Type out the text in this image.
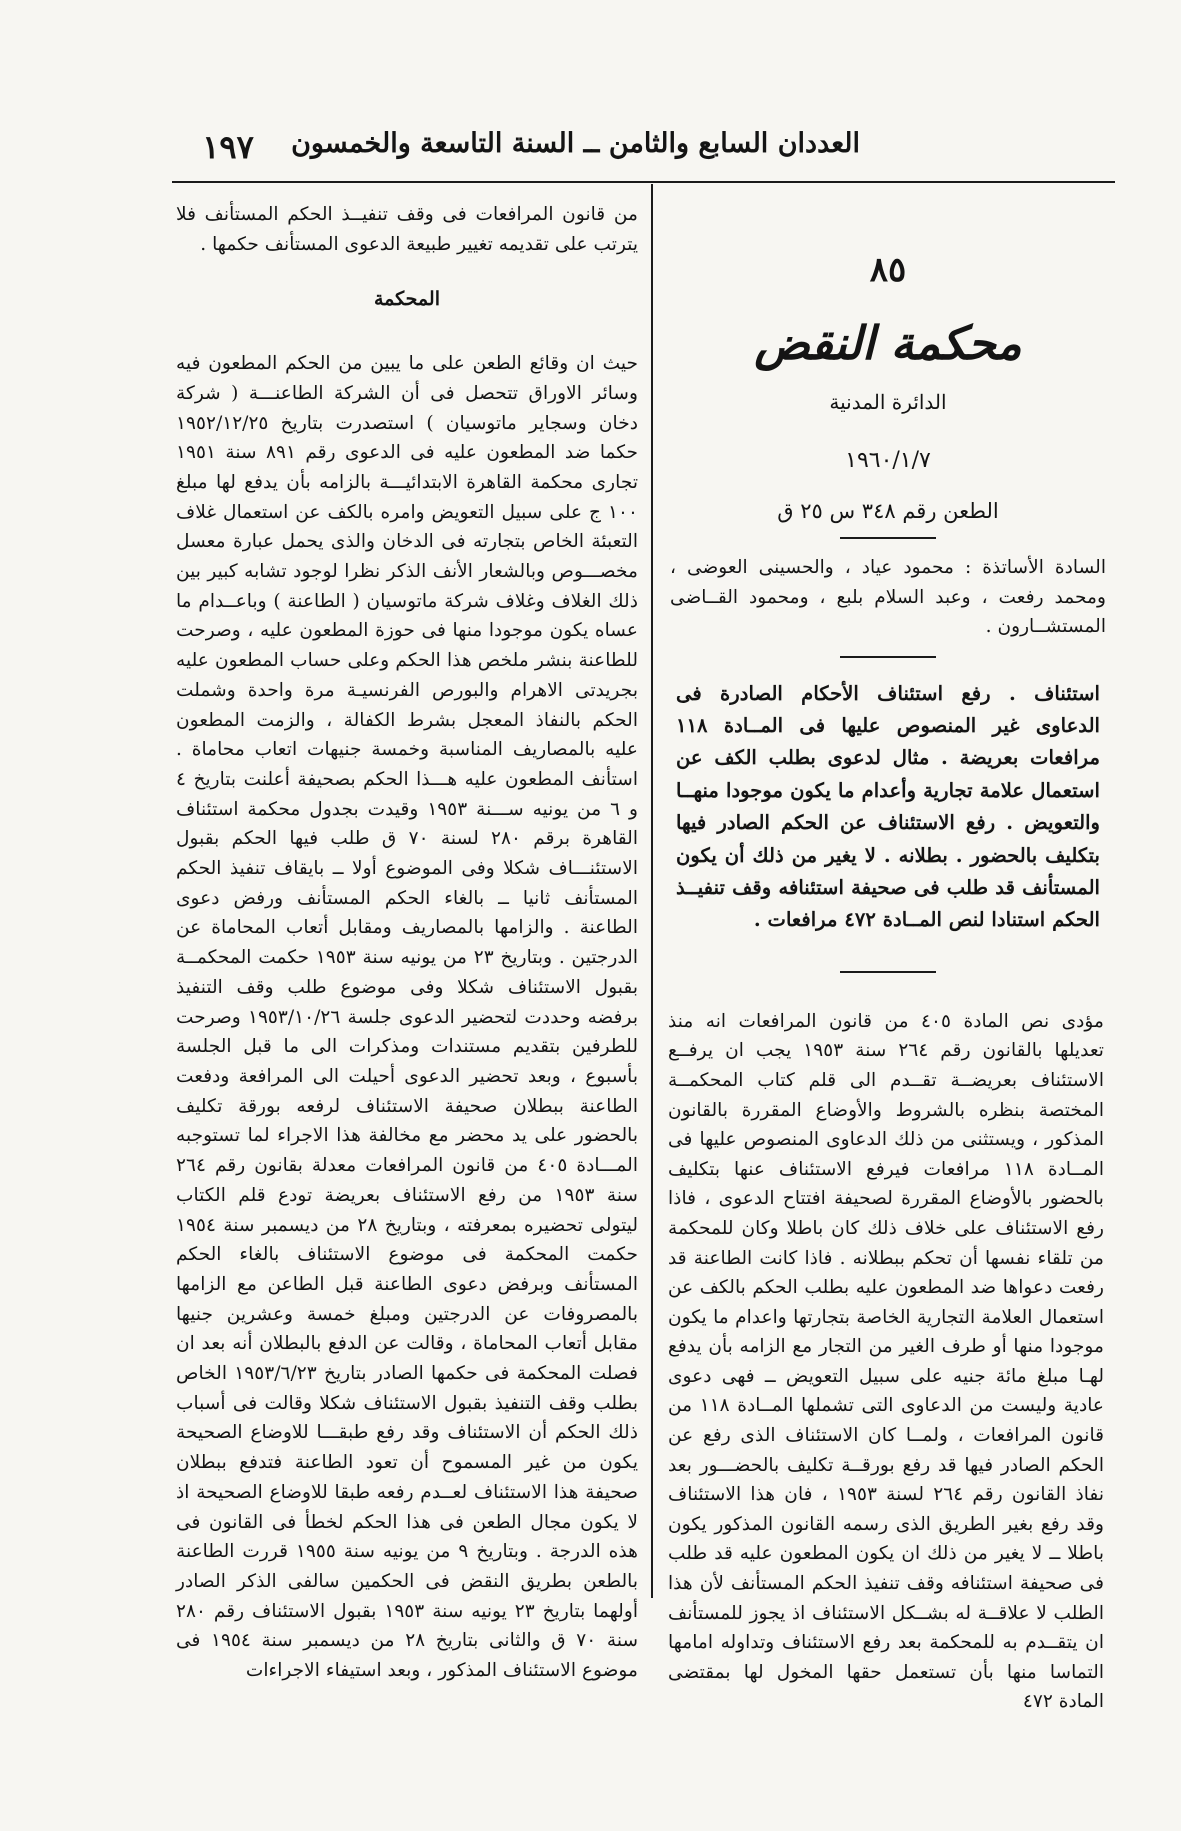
العددان السابع والثامن ــ السنة التاسعة والخمسون
١٩٧

من قانون المرافعات فى وقف تنفيــذ الحكم المستأنف فلا يترتب على تقديمه تغيير طبيعة الدعوى المستأنف حكمها .

المحكمة

حيث ان وقائع الطعن على ما يبين من الحكم المطعون فيه وسائر الاوراق تتحصل فى أن الشركة الطاعنـــة ( شركة دخان وسجاير ماتوسيان ) استصدرت بتاريخ ١٩٥٢/١٢/٢٥ حكما ضد المطعون عليه فى الدعوى رقم ٨٩١ سنة ١٩٥١ تجارى محكمة القاهرة الابتدائيـــة بالزامه بأن يدفع لها مبلغ ١٠٠ ج على سبيل التعويض وامره بالكف عن استعمال غلاف التعبئة الخاص بتجارته فى الدخان والذى يحمل عبارة معسل مخصـــوص وبالشعار الأنف الذكر نظرا لوجود تشابه كبير بين ذلك الغلاف وغلاف شركة ماتوسيان ( الطاعنة ) وباعــدام ما عساه يكون موجودا منها فى حوزة المطعون عليه ، وصرحت للطاعنة بنشر ملخص هذا الحكم وعلى حساب المطعون عليه بجريدتى الاهرام والبورص الفرنسيـة مرة واحدة وشملت الحكم بالنفاذ المعجل بشرط الكفالة ، والزمت المطعون عليه بالمصاريف المناسبة وخمسة جنيهات اتعاب محاماة . استأنف المطعون عليه هـــذا الحكم بصحيفة أعلنت بتاريخ ٤ و ٦ من يونيه ســـنة ١٩٥٣ وقيدت بجدول محكمة استئناف القاهرة برقم ٢٨٠ لسنة ٧٠ ق طلب فيها الحكم بقبول الاستئنـــاف شكلا وفى الموضوع أولا ــ بايقاف تنفيذ الحكم المستأنف ثانيا ــ بالغاء الحكم المستأنف ورفض دعوى الطاعنة . والزامها بالمصاريف ومقابل أتعاب المحاماة عن الدرجتين . وبتاريخ ٢٣ من يونيه سنة ١٩٥٣ حكمت المحكمــة بقبول الاستئناف شكلا وفى موضوع طلب وقف التنفيذ برفضه وحددت لتحضير الدعوى جلسة ١٩٥٣/١٠/٢٦ وصرحت للطرفين بتقديم مستندات ومذكرات الى ما قبل الجلسة بأسبوع ، وبعد تحضير الدعوى أحيلت الى المرافعة ودفعت الطاعنة ببطلان صحيفة الاستئناف لرفعه بورقة تكليف بالحضور على يد محضر مع مخالفة هذا الاجراء لما تستوجبه المـــادة ٤٠٥ من قانون المرافعات معدلة بقانون رقم ٢٦٤ سنة ١٩٥٣ من رفع الاستئناف بعريضة تودع قلم الكتاب ليتولى تحضيره بمعرفته ، وبتاريخ ٢٨ من ديسمبر سنة ١٩٥٤ حكمت المحكمة فى موضوع الاستئناف بالغاء الحكم المستأنف وبرفض دعوى الطاعنة قبل الطاعن مع الزامها بالمصروفات عن الدرجتين ومبلغ خمسة وعشرين جنيها مقابل أتعاب المحاماة ، وقالت عن الدفع بالبطلان أنه بعد ان فصلت المحكمة فى حكمها الصادر بتاريخ ١٩٥٣/٦/٢٣ الخاص بطلب وقف التنفيذ بقبول الاستئناف شكلا وقالت فى أسباب ذلك الحكم أن الاستئناف وقد رفع طبقـــا للاوضاع الصحيحة يكون من غير المسموح أن تعود الطاعنة فتدفع ببطلان صحيفة هذا الاستئناف لعــدم رفعه طبقا للاوضاع الصحيحة اذ لا يكون مجال الطعن فى هذا الحكم لخطأ فى القانون فى هذه الدرجة . وبتاريخ ٩ من يونيه سنة ١٩٥٥ قررت الطاعنة بالطعن بطريق النقض فى الحكمين سالفى الذكر الصادر أولهما بتاريخ ٢٣ يونيه سنة ١٩٥٣ بقبول الاستئناف رقم ٢٨٠ سنة ٧٠ ق والثانى بتاريخ ٢٨ من ديسمبر سنة ١٩٥٤ فى موضوع الاستئناف المذكور ، وبعد استيفاء الاجراءات

٨٥
محكمة النقض
الدائرة المدنية
١٩٦٠/١/٧
الطعن رقم ٣٤٨ س ٢٥ ق
السادة الأساتذة : محمود عياد ، والحسينى العوضى ، ومحمد رفعت ، وعبد السلام بلبع ، ومحمود القــاضى المستشــارون .
استئناف . رفع استئناف الأحكام الصادرة فى الدعاوى غير المنصوص عليها فى المــادة ١١٨ مرافعات بعريضة . مثال لدعوى بطلب الكف عن استعمال علامة تجارية وأعدام ما يكون موجودا منهــا والتعويض . رفع الاستئناف عن الحكم الصادر فيها بتكليف بالحضور . بطلانه . لا يغير من ذلك أن يكون المستأنف قد طلب فى صحيفة استئنافه وقف تنفيــذ الحكم استنادا لنص المــادة ٤٧٢ مرافعات .
مؤدى نص المادة ٤٠٥ من قانون المرافعات انه منذ تعديلها بالقانون رقم ٢٦٤ سنة ١٩٥٣ يجب ان يرفــع الاستئناف بعريضــة تقــدم الى قلم كتاب المحكمــة المختصة بنظره بالشروط والأوضاع المقررة بالقانون المذكور ، ويستثنى من ذلك الدعاوى المنصوص عليها فى المــادة ١١٨ مرافعات فيرفع الاستئناف عنها بتكليف بالحضور بالأوضاع المقررة لصحيفة افتتاح الدعوى ، فاذا رفع الاستئناف على خلاف ذلك كان باطلا وكان للمحكمة من تلقاء نفسها أن تحكم ببطلانه . فاذا كانت الطاعنة قد رفعت دعواها ضد المطعون عليه بطلب الحكم بالكف عن استعمال العلامة التجارية الخاصة بتجارتها واعدام ما يكون موجودا منها أو طرف الغير من التجار مع الزامه بأن يدفع لهـا مبلغ مائة جنيه على سبيل التعويض ــ فهى دعوى عادية وليست من الدعاوى التى تشملها المــادة ١١٨ من قانون المرافعات ، ولمــا كان الاستئناف الذى رفع عن الحكم الصادر فيها قد رفع بورقــة تكليف بالحضـــور بعد نفاذ القانون رقم ٢٦٤ لسنة ١٩٥٣ ، فان هذا الاستئناف وقد رفع بغير الطريق الذى رسمه القانون المذكور يكون باطلا ــ لا يغير من ذلك ان يكون المطعون عليه قد طلب فى صحيفة استئنافه وقف تنفيذ الحكم المستأنف لأن هذا الطلب لا علاقــة له بشــكل الاستئناف اذ يجوز للمستأنف ان يتقــدم به للمحكمة بعد رفع الاستئناف وتداوله امامها التماسا منها بأن تستعمل حقها المخول لها بمقتضى المادة ٤٧٢
